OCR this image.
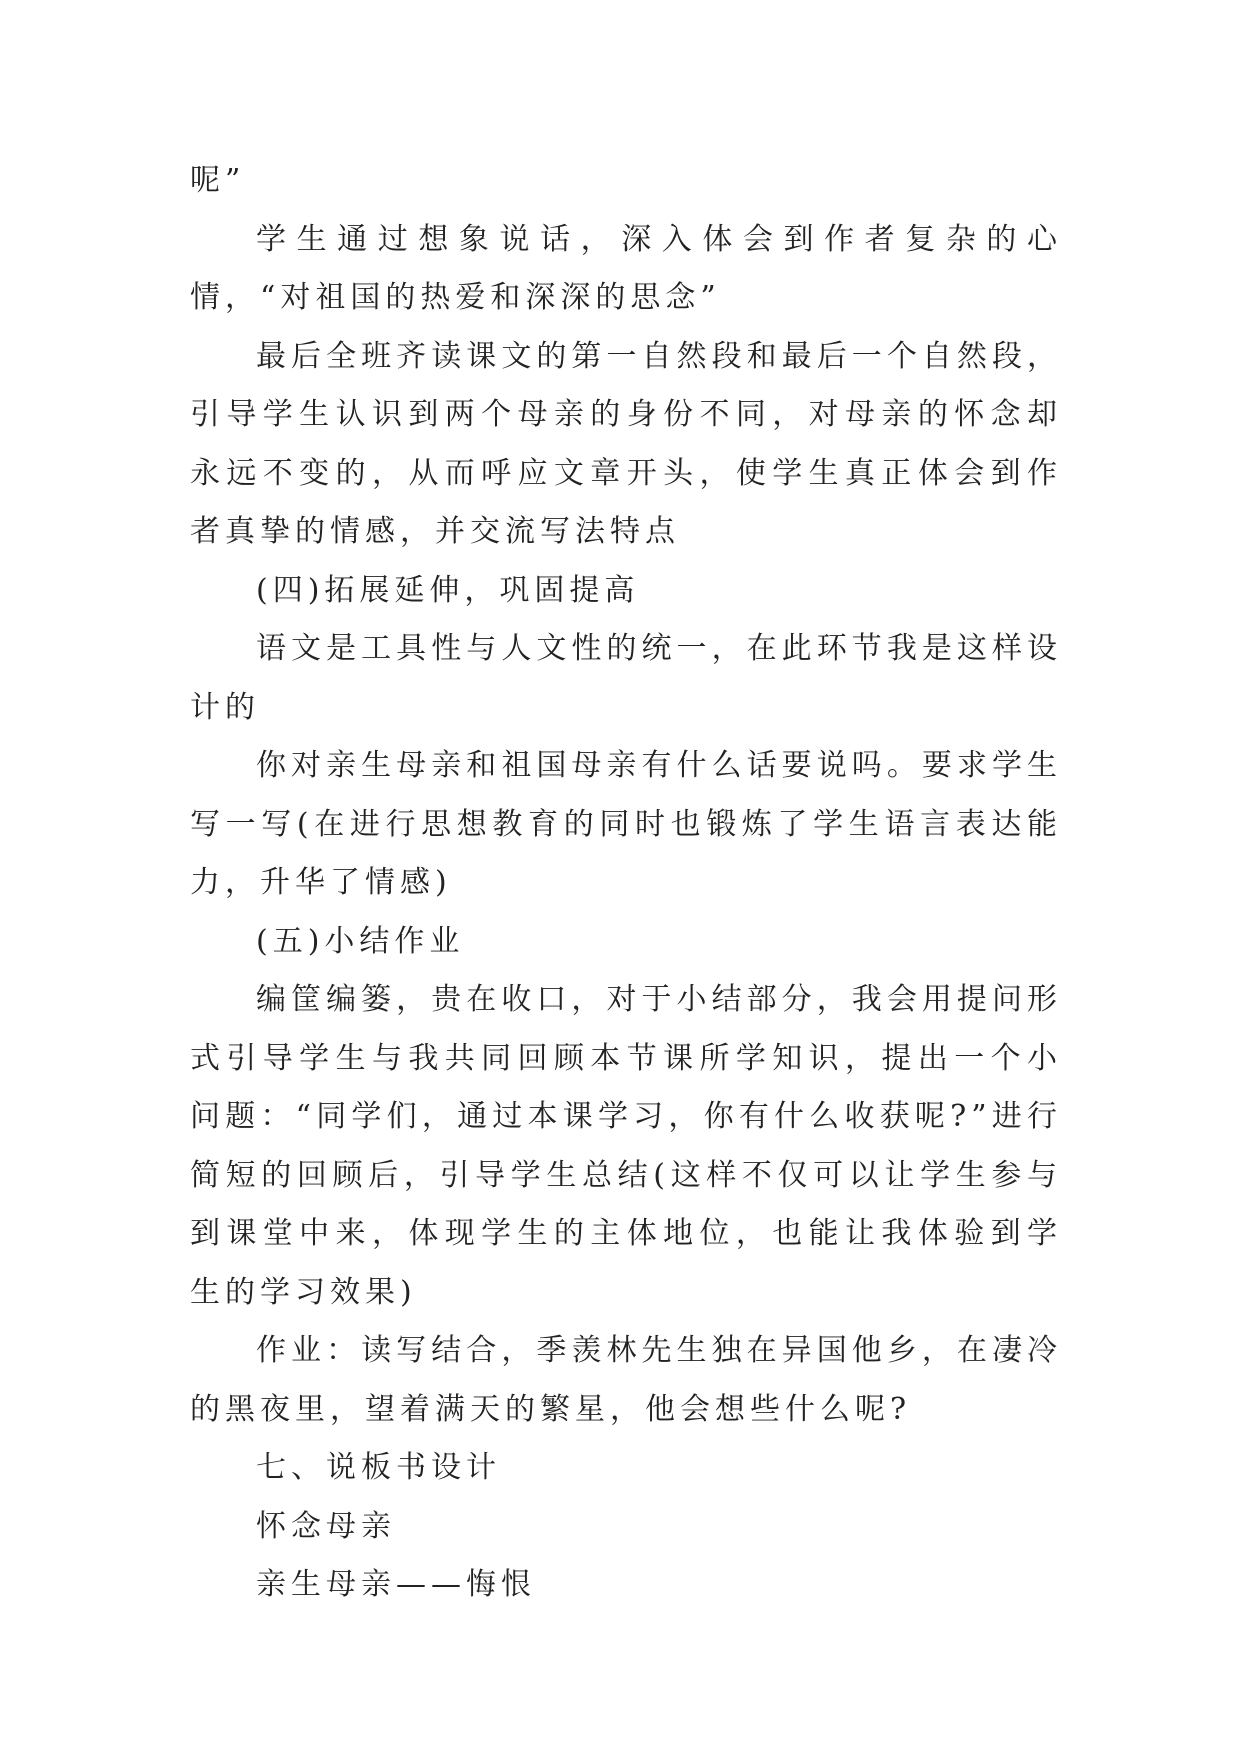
呢”

学生通过想象说话，深入体会到作者复杂的心情，“对祖国的热爱和深深的思念”

最后全班齐读课文的第一自然段和最后一个自然段，引导学生认识到两个母亲的身份不同，对母亲的怀念却永远不变的，从而呼应文章开头，使学生真正体会到作者真挚的情感，并交流写法特点

(四)拓展延伸，巩固提高

语文是工具性与人文性的统一，在此环节我是这样设计的

你对亲生母亲和祖国母亲有什么话要说吗。要求学生写一写(在进行思想教育的同时也锻炼了学生语言表达能力，升华了情感)

(五)小结作业

编筐编篓，贵在收口，对于小结部分，我会用提问形式引导学生与我共同回顾本节课所学知识，提出一个小问题：“同学们，通过本课学习，你有什么收获呢?”进行简短的回顾后，引导学生总结(这样不仅可以让学生参与到课堂中来，体现学生的主体地位，也能让我体验到学生的学习效果)

作业：读写结合，季羡林先生独在异国他乡，在凄冷的黑夜里，望着满天的繁星，他会想些什么呢?

七、说板书设计

怀念母亲

亲生母亲——悔恨
